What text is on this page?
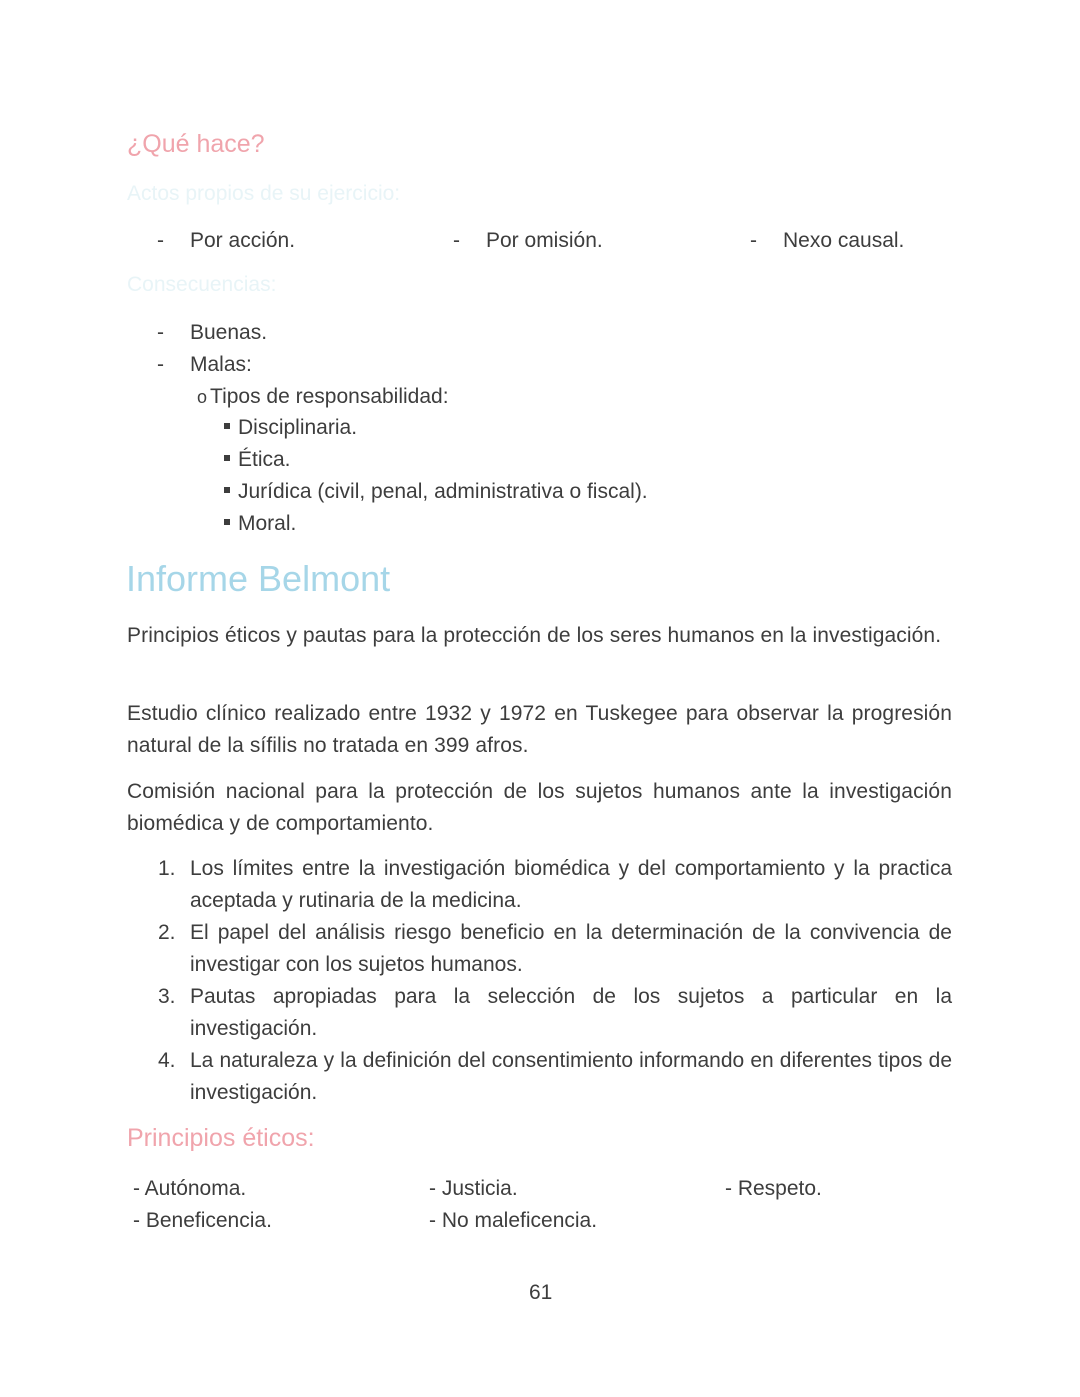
¿Qué hace?
Actos propios de su ejercicio:
- Por acción.	- Por omisión.	- Nexo causal.
Consecuencias:
- Buenas.
- Malas:
o Tipos de responsabilidad:
Disciplinaria.
Ética.
Jurídica (civil, penal, administrativa o fiscal).
Moral.
Informe Belmont
Principios éticos y pautas para la protección de los seres humanos en la investigación.
Estudio clínico realizado entre 1932 y 1972 en Tuskegee para observar la progresión natural de la sífilis no tratada en 399 afros.
Comisión nacional para la protección de los sujetos humanos ante la investigación biomédica y de comportamiento.
1. Los límites entre la investigación biomédica y del comportamiento y la practica aceptada y rutinaria de la medicina.
2. El papel del análisis riesgo beneficio en la determinación de la convivencia de investigar con los sujetos humanos.
3. Pautas apropiadas para la selección de los sujetos a particular en la investigación.
4. La naturaleza y la definición del consentimiento informando en diferentes tipos de investigación.
Principios éticos:
- Autónoma.	- Justicia.	- Respeto.
- Beneficencia.	- No maleficencia.
61
